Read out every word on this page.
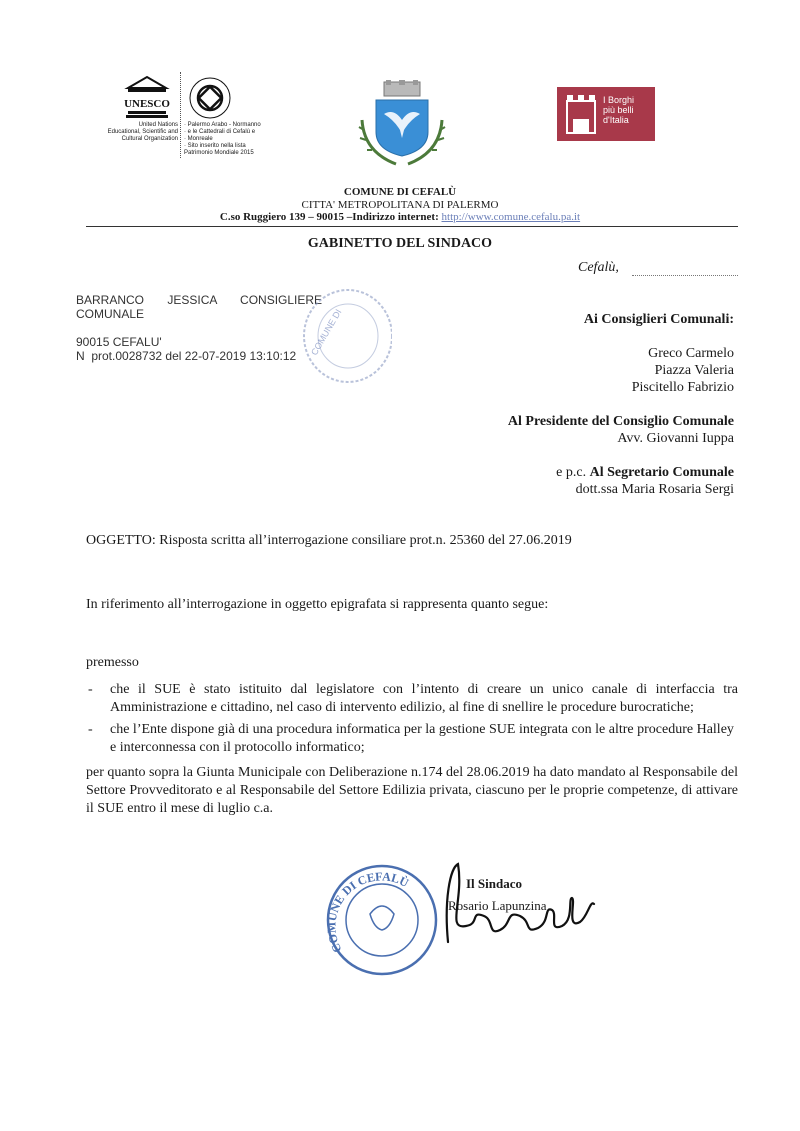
UNESCO
United Nations
Educational, Scientific and
Cultural Organization
· Palermo Arabo - Normanno
· e le Cattedrali di Cefalù e
· Monreale
· Sito inserito nella lista
Patrimonio Mondiale 2015
I Borghi
più belli
d'Italia
COMUNE DI CEFALÙ
CITTA' METROPOLITANA DI PALERMO
C.so Ruggiero 139 – 90015 –Indirizzo internet: http://www.comune.cefalu.pa.it
GABINETTO DEL SINDACO
Cefalù,
BARRANCO       JESSICA       CONSIGLIERE
COMUNALE
90015 CEFALU'
N  prot.0028732 del 22-07-2019 13:10:12	COMUNE DI	Ai Consiglieri Comunali:
Greco Carmelo
Piazza Valeria
Piscitello Fabrizio
Al Presidente del Consiglio Comunale
Avv. Giovanni Iuppa
e p.c. Al Segretario Comunale
dott.ssa Maria Rosaria Sergi
OGGETTO: Risposta scritta all’interrogazione consiliare prot.n. 25360 del 27.06.2019
In riferimento all’interrogazione in oggetto epigrafata si rappresenta quanto segue:
premesso
- che il SUE è stato istituito dal legislatore con l’intento di creare un unico canale di interfaccia tra Amministrazione e cittadino, nel caso di intervento edilizio, al fine di snellire le procedure burocratiche;
- che l’Ente dispone già di una procedura informatica per la gestione SUE integrata con le altre procedure Halley e interconnessa con il protocollo informatico;
per quanto sopra la Giunta Municipale con Deliberazione n.174 del 28.06.2019 ha dato mandato al Responsabile del Settore Provveditorato e al Responsabile del Settore Edilizia privata, ciascuno per le proprie competenze, di attivare il SUE entro il mese di luglio c.a.
COMUNE DI CEFALÙ	Il Sindaco
Rosario Lapunzina
